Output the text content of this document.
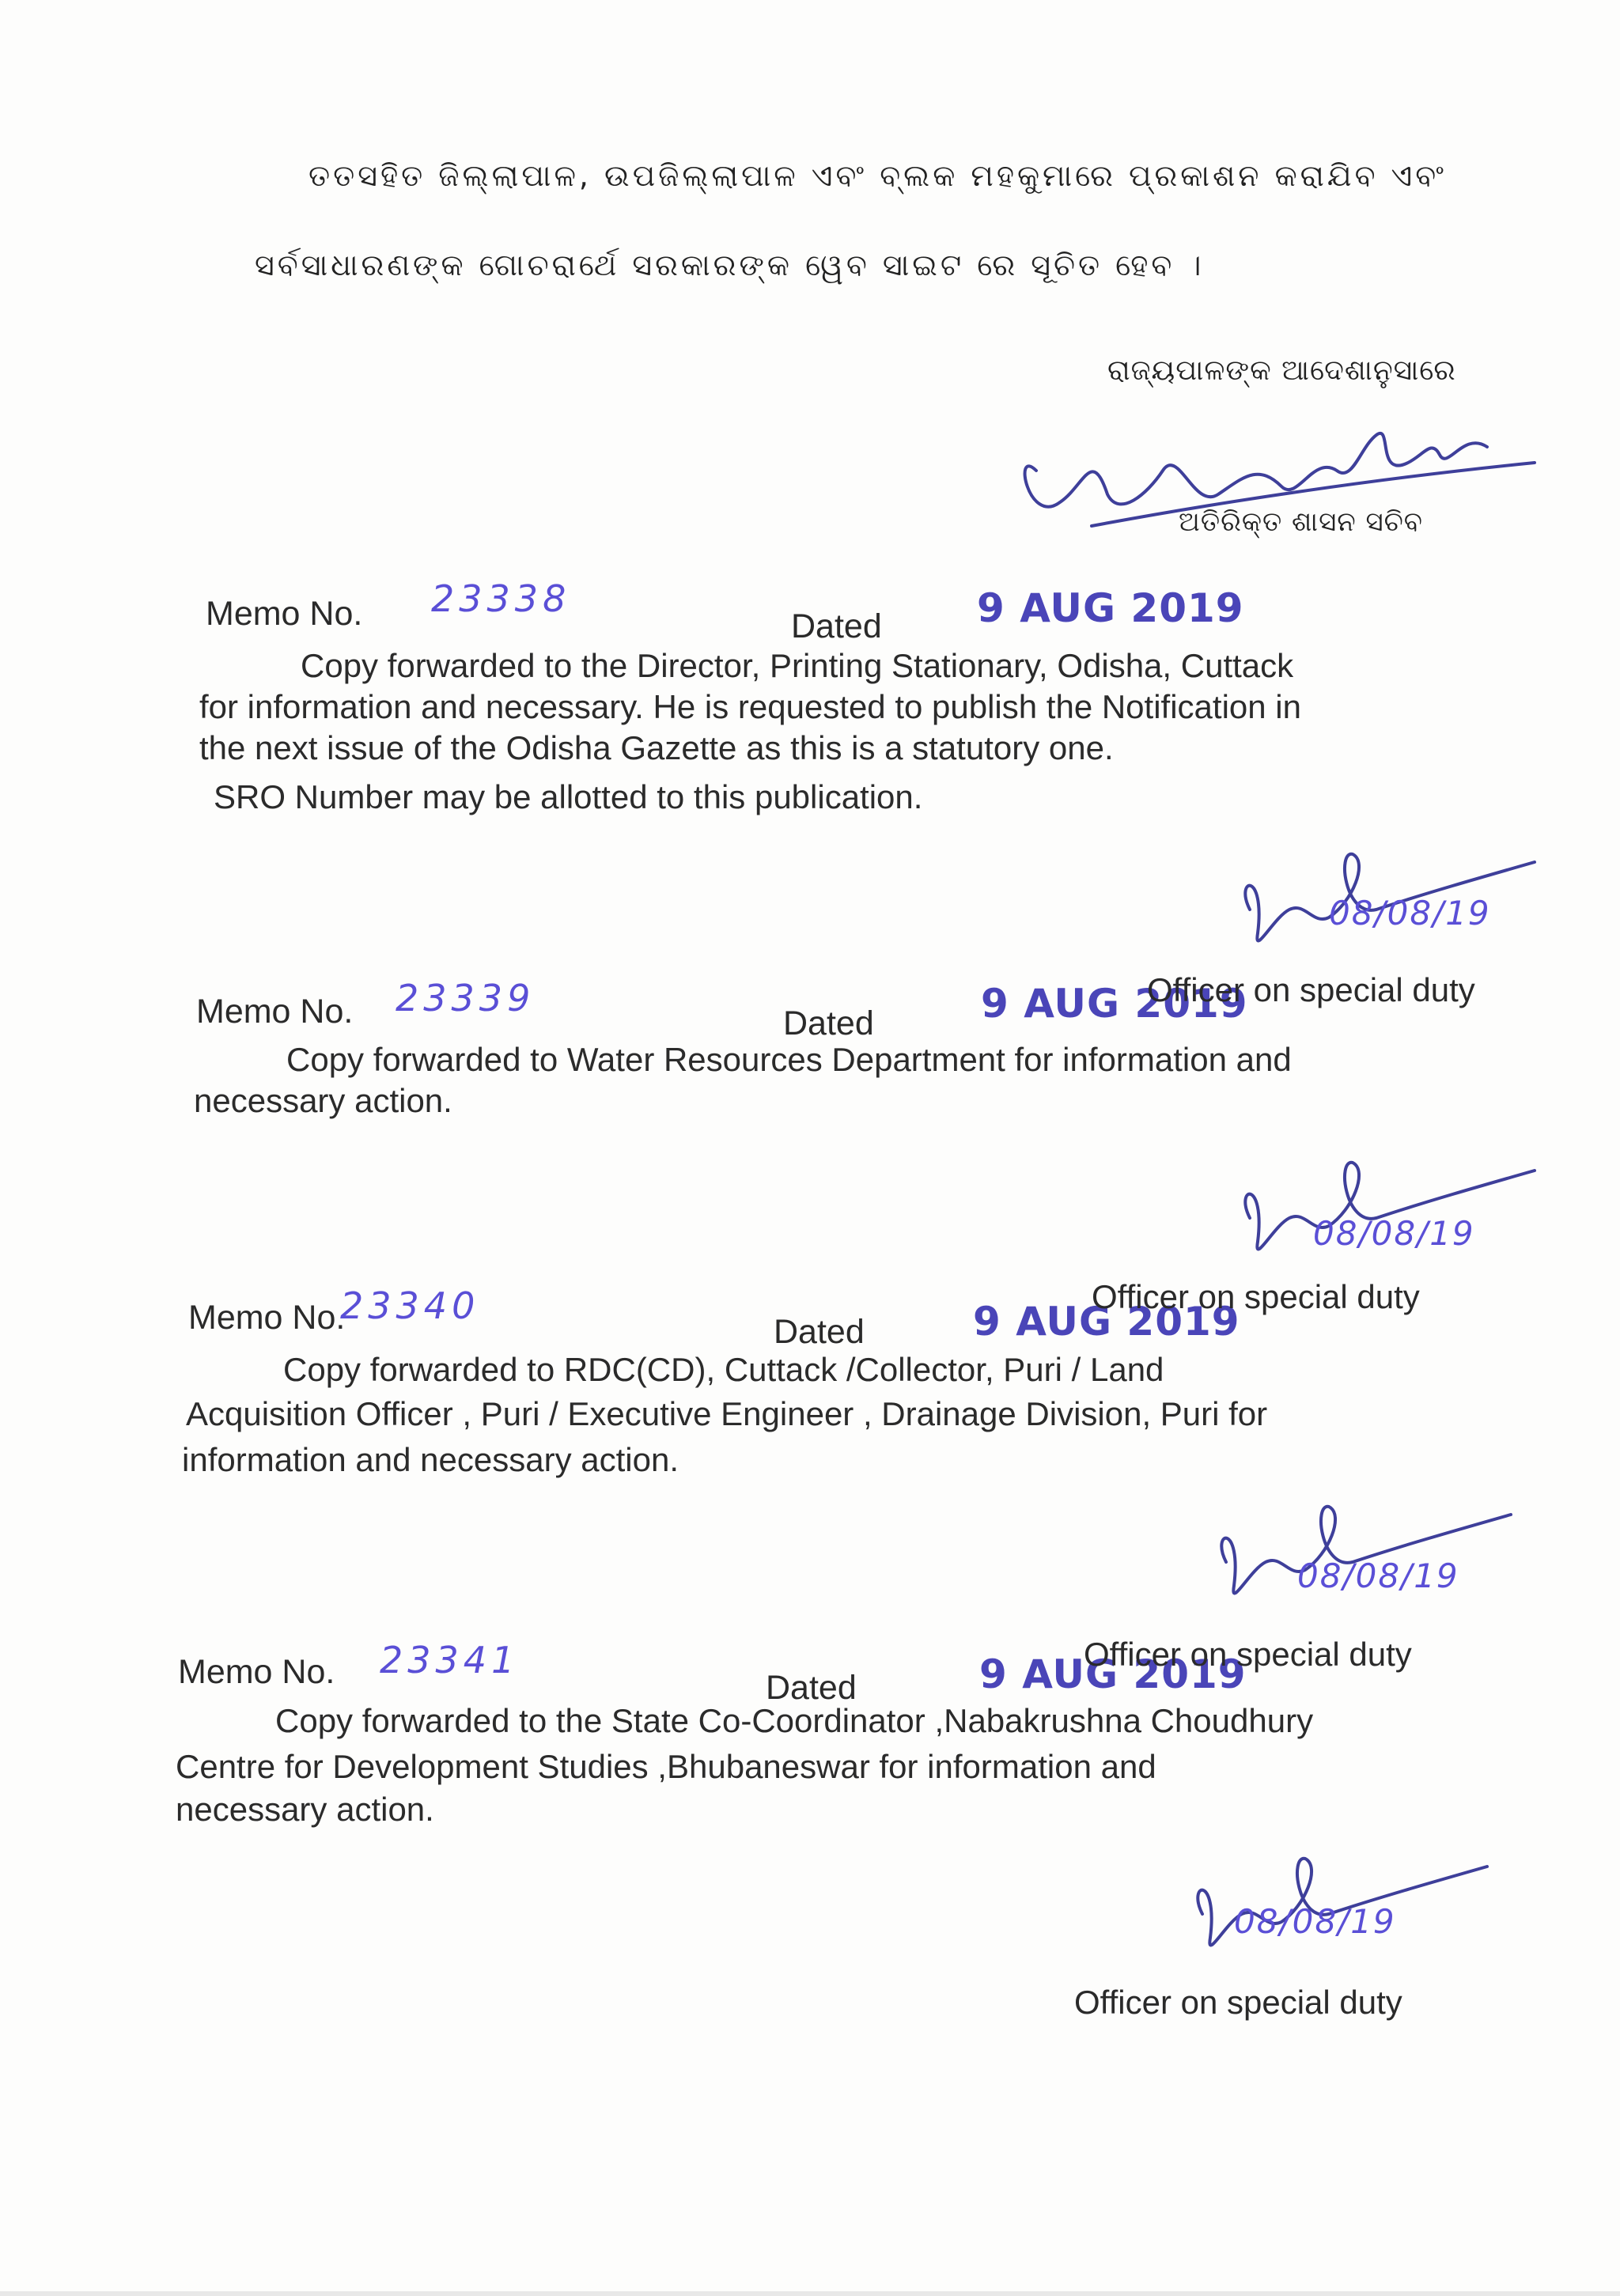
ତତସହିତ ଜିଲ୍ଲାପାଳ, ଉପଜିଲ୍ଲାପାଳ ଏବଂ ବ୍ଲକ ମହକୁମାରେ ପ୍ରକାଶନ କରାଯିବ ଏବଂ
ସର୍ବସାଧାରଣଙ୍କ ଗୋଚରାର୍ଥେ ସରକାରଙ୍କ ୱେବ ସାଇଟ ରେ ସୂଚିତ ହେବ ।
ରାଜ୍ୟପାଳଙ୍କ ଆଦେଶାନୁସାରେ
ଅତିରିକ୍ତ ଶାସନ ସଚିବ
Memo No. 23338
Dated 9 AUG 2019
Copy forwarded to the Director, Printing Stationary, Odisha, Cuttack
for information and necessary. He is requested to publish the Notification in
the next issue of the Odisha Gazette as this is a statutory one.
SRO Number may be allotted to this publication.
08/08/19
Memo No. 23339
Dated	9 AUG 2019
Officer on special duty
Copy forwarded to Water Resources Department for information and
necessary action.
08/08/19
Memo No.
23340
Dated	9 AUG 2019
Officer on special duty
Copy forwarded to RDC(CD), Cuttack /Collector, Puri / Land
Acquisition Officer , Puri / Executive Engineer , Drainage Division, Puri for
information and necessary action.
08/08/19
Memo No. 23341
Dated	9 AUG 2019
Officer on special duty
Copy forwarded to the State Co-Coordinator ,Nabakrushna Choudhury
Centre for Development Studies ,Bhubaneswar for information and
necessary action.
08/08/19
Officer on special duty
